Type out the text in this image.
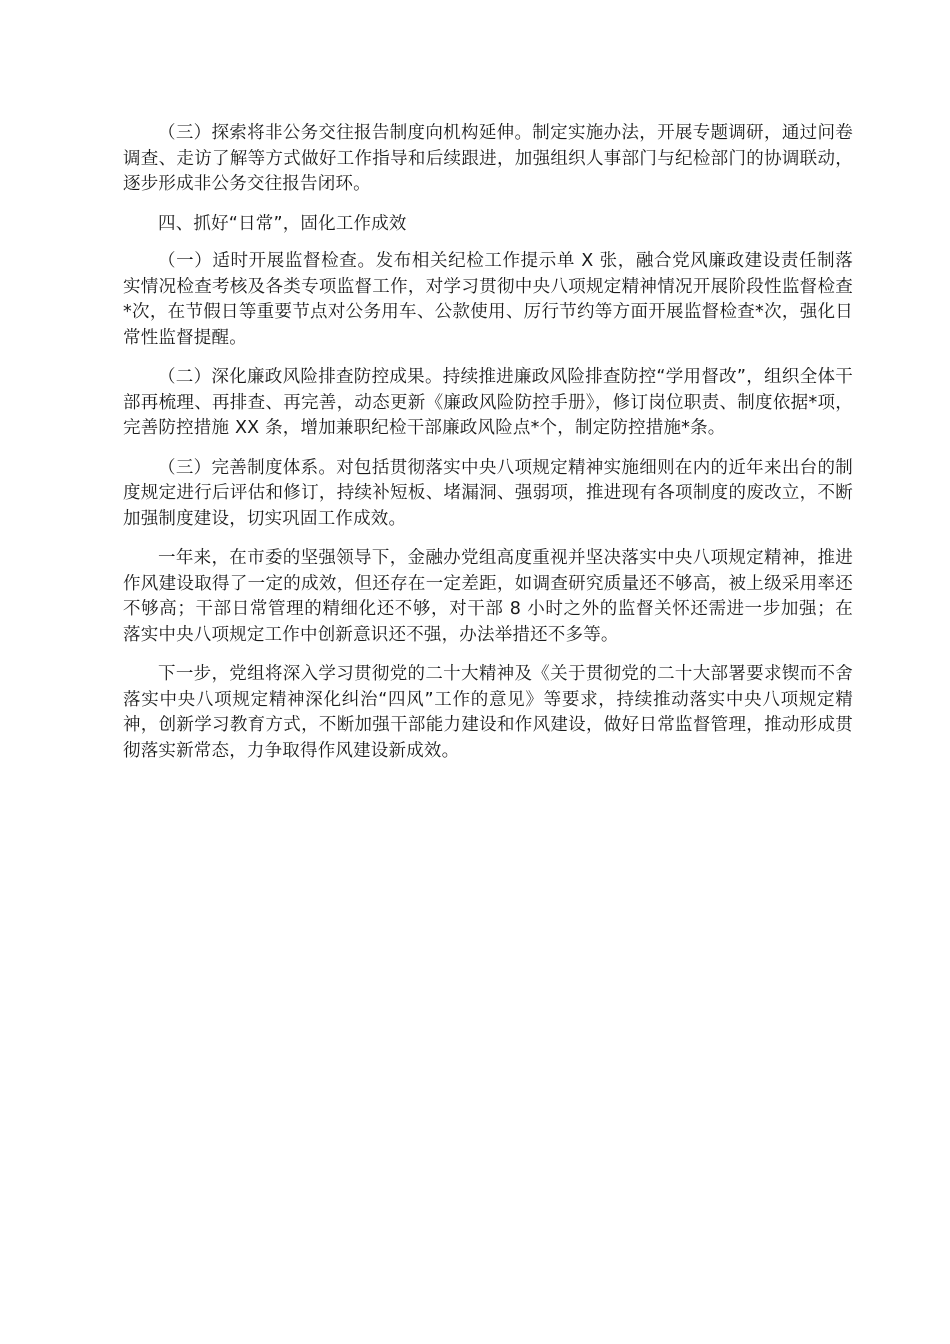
（三）探索将非公务交往报告制度向机构延伸。制定实施办法，开展专题调研，通过问卷调查、走访了解等方式做好工作指导和后续跟进，加强组织人事部门与纪检部门的协调联动，逐步形成非公务交往报告闭环。

四、抓好“日常”，固化工作成效

（一）适时开展监督检查。发布相关纪检工作提示单 X 张，融合党风廉政建设责任制落实情况检查考核及各类专项监督工作，对学习贯彻中央八项规定精神情况开展阶段性监督检查*次，在节假日等重要节点对公务用车、公款使用、厉行节约等方面开展监督检查*次，强化日常性监督提醒。

（二）深化廉政风险排查防控成果。持续推进廉政风险排查防控“学用督改”，组织全体干部再梳理、再排查、再完善，动态更新《廉政风险防控手册》，修订岗位职责、制度依据*项，完善防控措施 XX 条，增加兼职纪检干部廉政风险点*个，制定防控措施*条。

（三）完善制度体系。对包括贯彻落实中央八项规定精神实施细则在内的近年来出台的制度规定进行后评估和修订，持续补短板、堵漏洞、强弱项，推进现有各项制度的废改立，不断加强制度建设，切实巩固工作成效。

一年来，在市委的坚强领导下，金融办党组高度重视并坚决落实中央八项规定精神，推进作风建设取得了一定的成效，但还存在一定差距，如调查研究质量还不够高，被上级采用率还不够高；干部日常管理的精细化还不够，对干部 8 小时之外的监督关怀还需进一步加强；在落实中央八项规定工作中创新意识还不强，办法举措还不多等。

下一步，党组将深入学习贯彻党的二十大精神及《关于贯彻党的二十大部署要求锲而不舍落实中央八项规定精神深化纠治“四风”工作的意见》等要求，持续推动落实中央八项规定精神，创新学习教育方式，不断加强干部能力建设和作风建设，做好日常监督管理，推动形成贯彻落实新常态，力争取得作风建设新成效。
